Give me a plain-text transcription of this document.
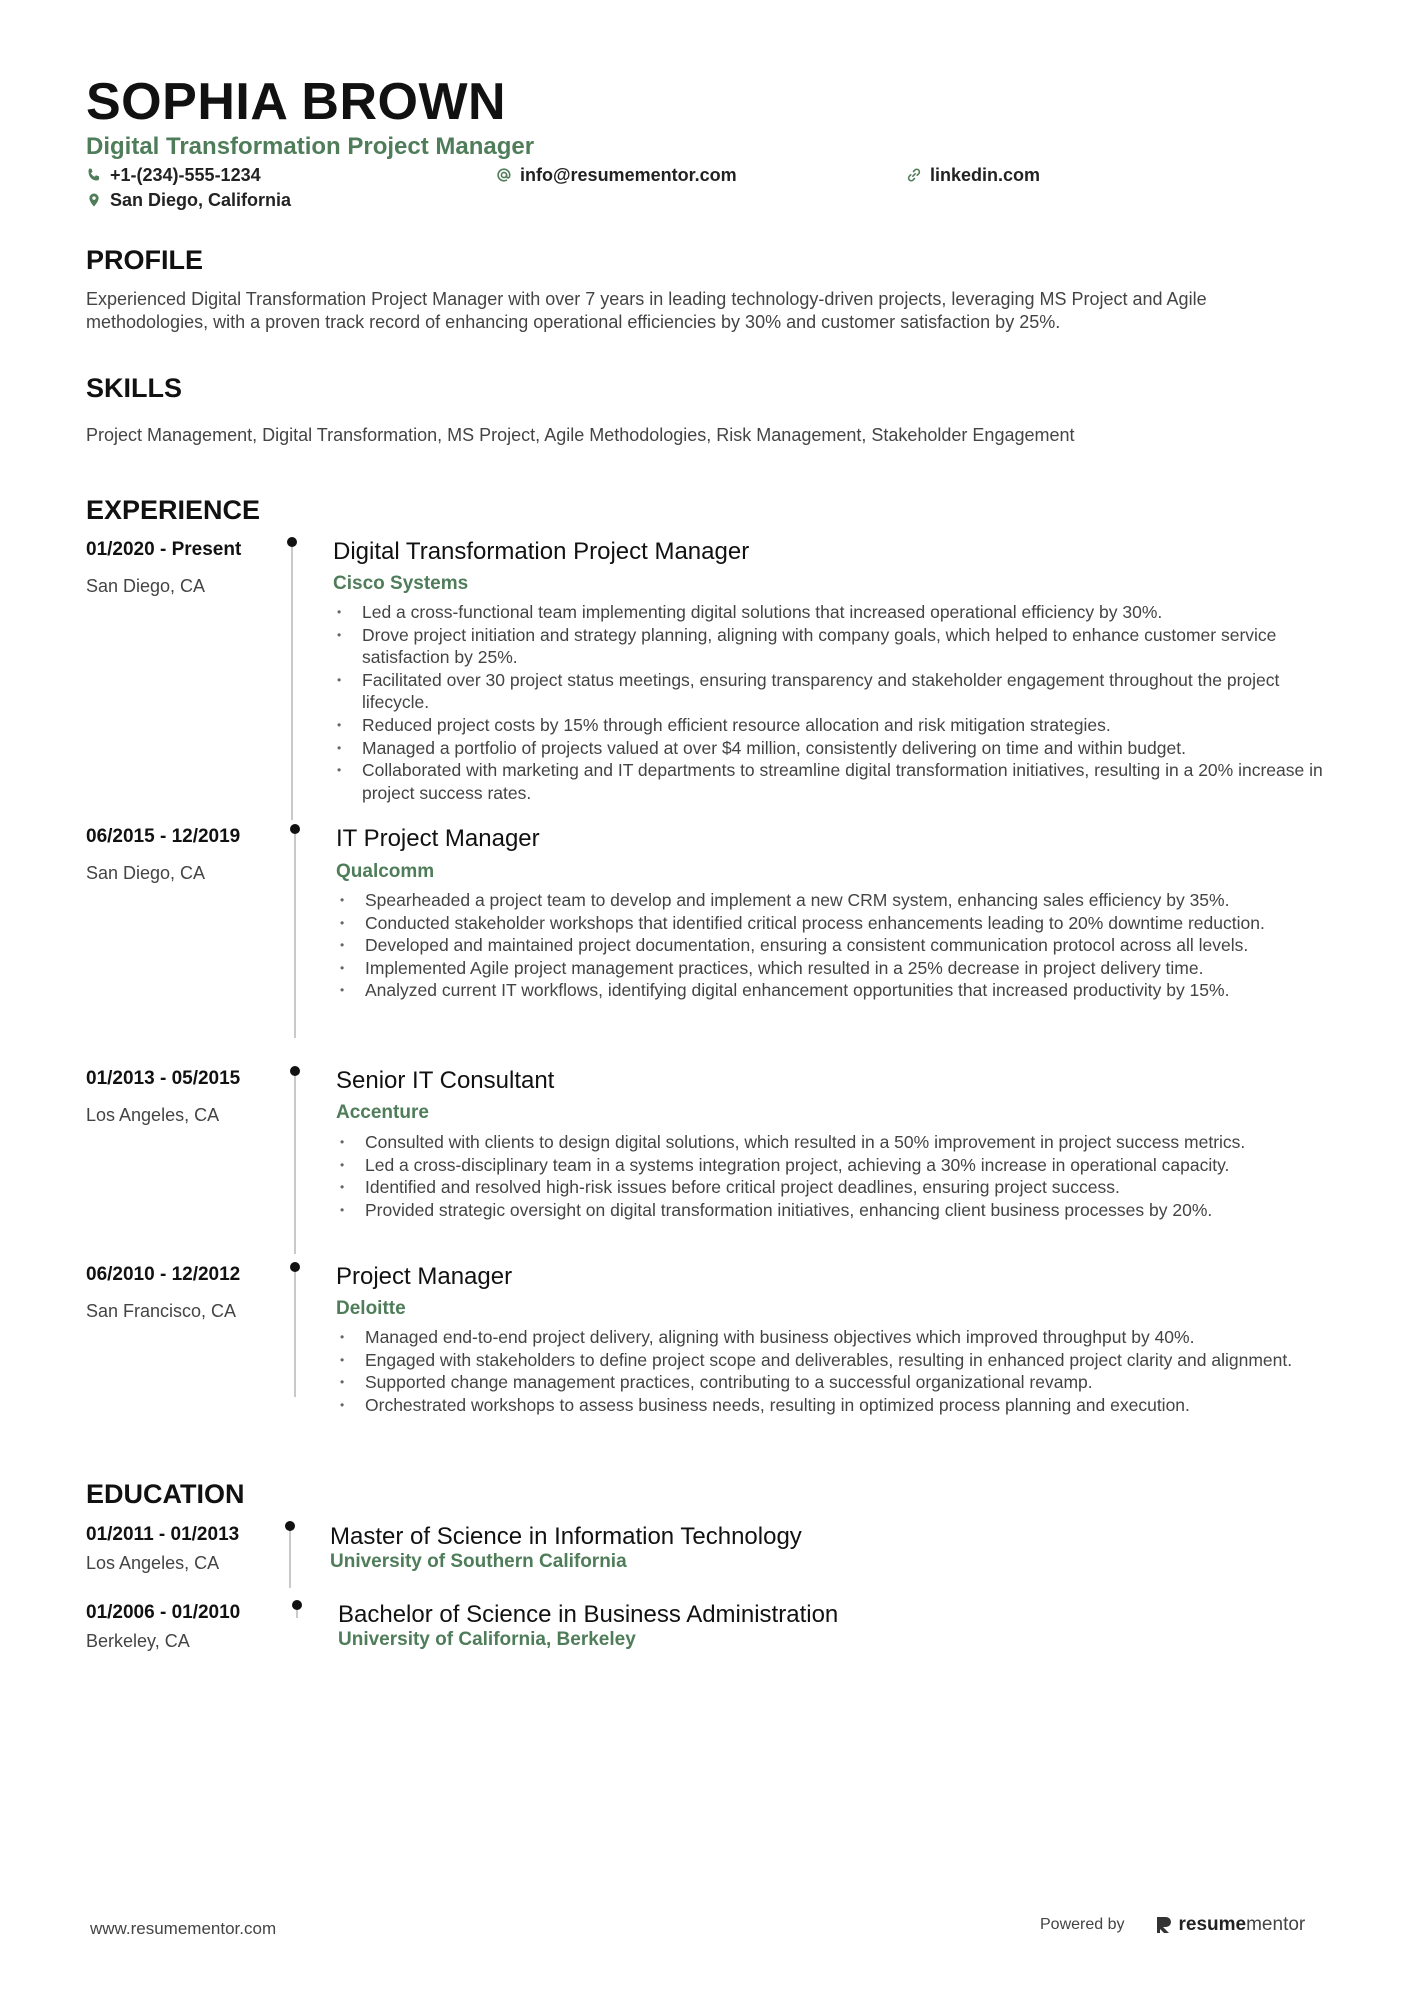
SOPHIA BROWN
Digital Transformation Project Manager
+1-(234)-555-1234	info@resumementor.com	linkedin.com
San Diego, California
PROFILE
Experienced Digital Transformation Project Manager with over 7 years in leading technology-driven projects, leveraging MS Project and Agile
methodologies, with a proven track record of enhancing operational efficiencies by 30% and customer satisfaction by 25%.
SKILLS
Project Management, Digital Transformation, MS Project, Agile Methodologies, Risk Management, Stakeholder Engagement
EXPERIENCE
01/2020 - Present
San Diego, CA
Digital Transformation Project Manager
Cisco Systems
• Led a cross-functional team implementing digital solutions that increased operational efficiency by 30%.
• Drove project initiation and strategy planning, aligning with company goals, which helped to enhance customer service satisfaction by 25%.
• Facilitated over 30 project status meetings, ensuring transparency and stakeholder engagement throughout the project lifecycle.
• Reduced project costs by 15% through efficient resource allocation and risk mitigation strategies.
• Managed a portfolio of projects valued at over $4 million, consistently delivering on time and within budget.
• Collaborated with marketing and IT departments to streamline digital transformation initiatives, resulting in a 20% increase in project success rates.
06/2015 - 12/2019
San Diego, CA
IT Project Manager
Qualcomm
• Spearheaded a project team to develop and implement a new CRM system, enhancing sales efficiency by 35%.
• Conducted stakeholder workshops that identified critical process enhancements leading to 20% downtime reduction.
• Developed and maintained project documentation, ensuring a consistent communication protocol across all levels.
• Implemented Agile project management practices, which resulted in a 25% decrease in project delivery time.
• Analyzed current IT workflows, identifying digital enhancement opportunities that increased productivity by 15%.
01/2013 - 05/2015
Los Angeles, CA
Senior IT Consultant
Accenture
• Consulted with clients to design digital solutions, which resulted in a 50% improvement in project success metrics.
• Led a cross-disciplinary team in a systems integration project, achieving a 30% increase in operational capacity.
• Identified and resolved high-risk issues before critical project deadlines, ensuring project success.
• Provided strategic oversight on digital transformation initiatives, enhancing client business processes by 20%.
06/2010 - 12/2012
San Francisco, CA
Project Manager
Deloitte
• Managed end-to-end project delivery, aligning with business objectives which improved throughput by 40%.
• Engaged with stakeholders to define project scope and deliverables, resulting in enhanced project clarity and alignment.
• Supported change management practices, contributing to a successful organizational revamp.
• Orchestrated workshops to assess business needs, resulting in optimized process planning and execution.
EDUCATION
01/2011 - 01/2013
Los Angeles, CA
Master of Science in Information Technology
University of Southern California
01/2006 - 01/2010
Berkeley, CA
Bachelor of Science in Business Administration
University of California, Berkeley
www.resumementor.com	Powered by	resumementor
